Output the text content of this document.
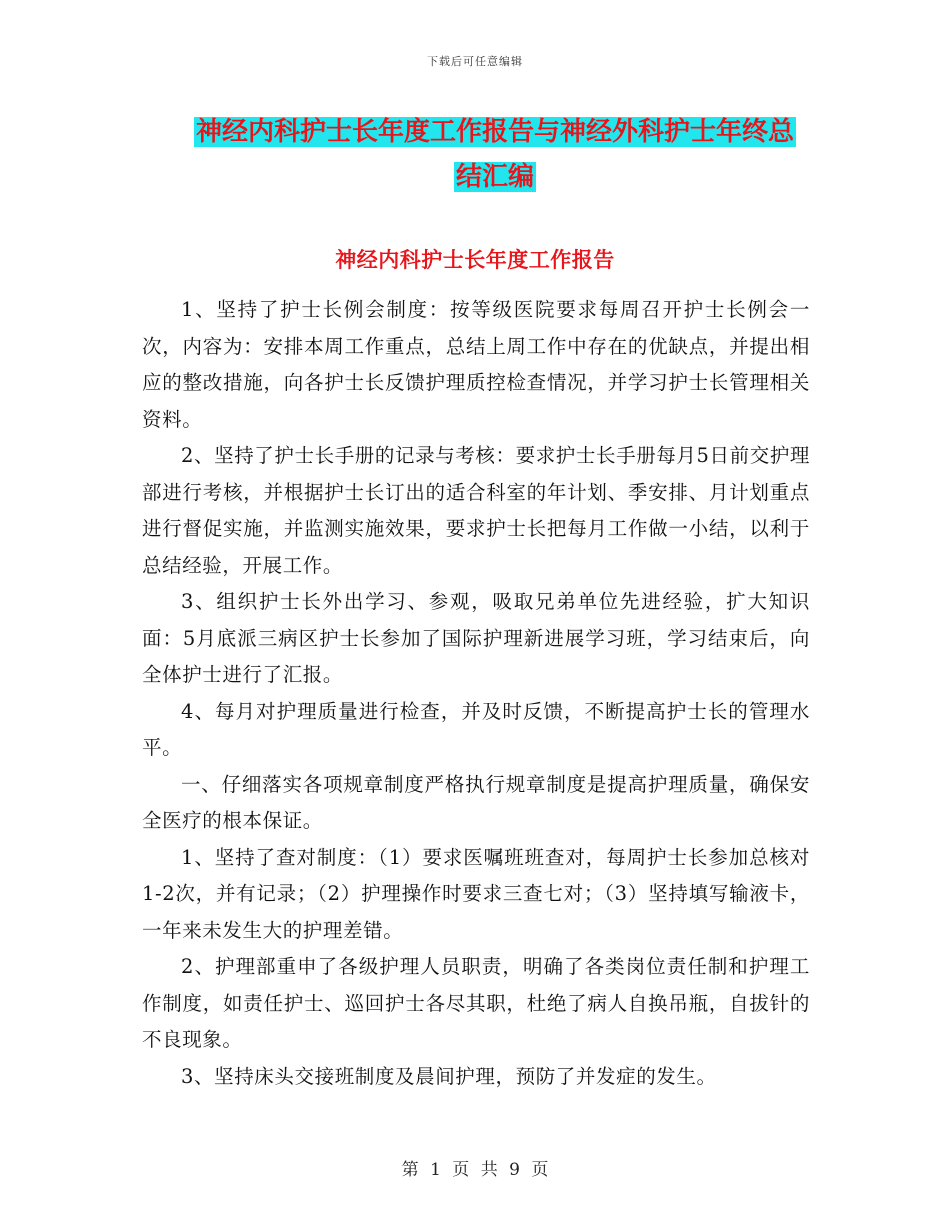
下载后可任意编辑
神经内科护士长年度工作报告与神经外科护士年终总
结汇编
神经内科护士长年度工作报告

1、坚持了护士长例会制度：按等级医院要求每周召开护士长例会一次，内容为：安排本周工作重点，总结上周工作中存在的优缺点，并提出相应的整改措施，向各护士长反馈护理质控检查情况，并学习护士长管理相关资料。

2、坚持了护士长手册的记录与考核：要求护士长手册每月5日前交护理部进行考核，并根据护士长订出的适合科室的年计划、季安排、月计划重点进行督促实施，并监测实施效果，要求护士长把每月工作做一小结，以利于总结经验，开展工作。

3、组织护士长外出学习、参观，吸取兄弟单位先进经验，扩大知识面：5月底派三病区护士长参加了国际护理新进展学习班，学习结束后，向全体护士进行了汇报。

4、每月对护理质量进行检查，并及时反馈，不断提高护士长的管理水平。

一、仔细落实各项规章制度严格执行规章制度是提高护理质量，确保安全医疗的根本保证。

1、坚持了查对制度：（1）要求医嘱班班查对，每周护士长参加总核对1-2次，并有记录；（2）护理操作时要求三查七对；（3）坚持填写输液卡，一年来未发生大的护理差错。

2、护理部重申了各级护理人员职责，明确了各类岗位责任制和护理工作制度，如责任护士、巡回护士各尽其职，杜绝了病人自换吊瓶，自拔针的不良现象。

3、坚持床头交接班制度及晨间护理，预防了并发症的发生。

第 1 页 共 9 页
